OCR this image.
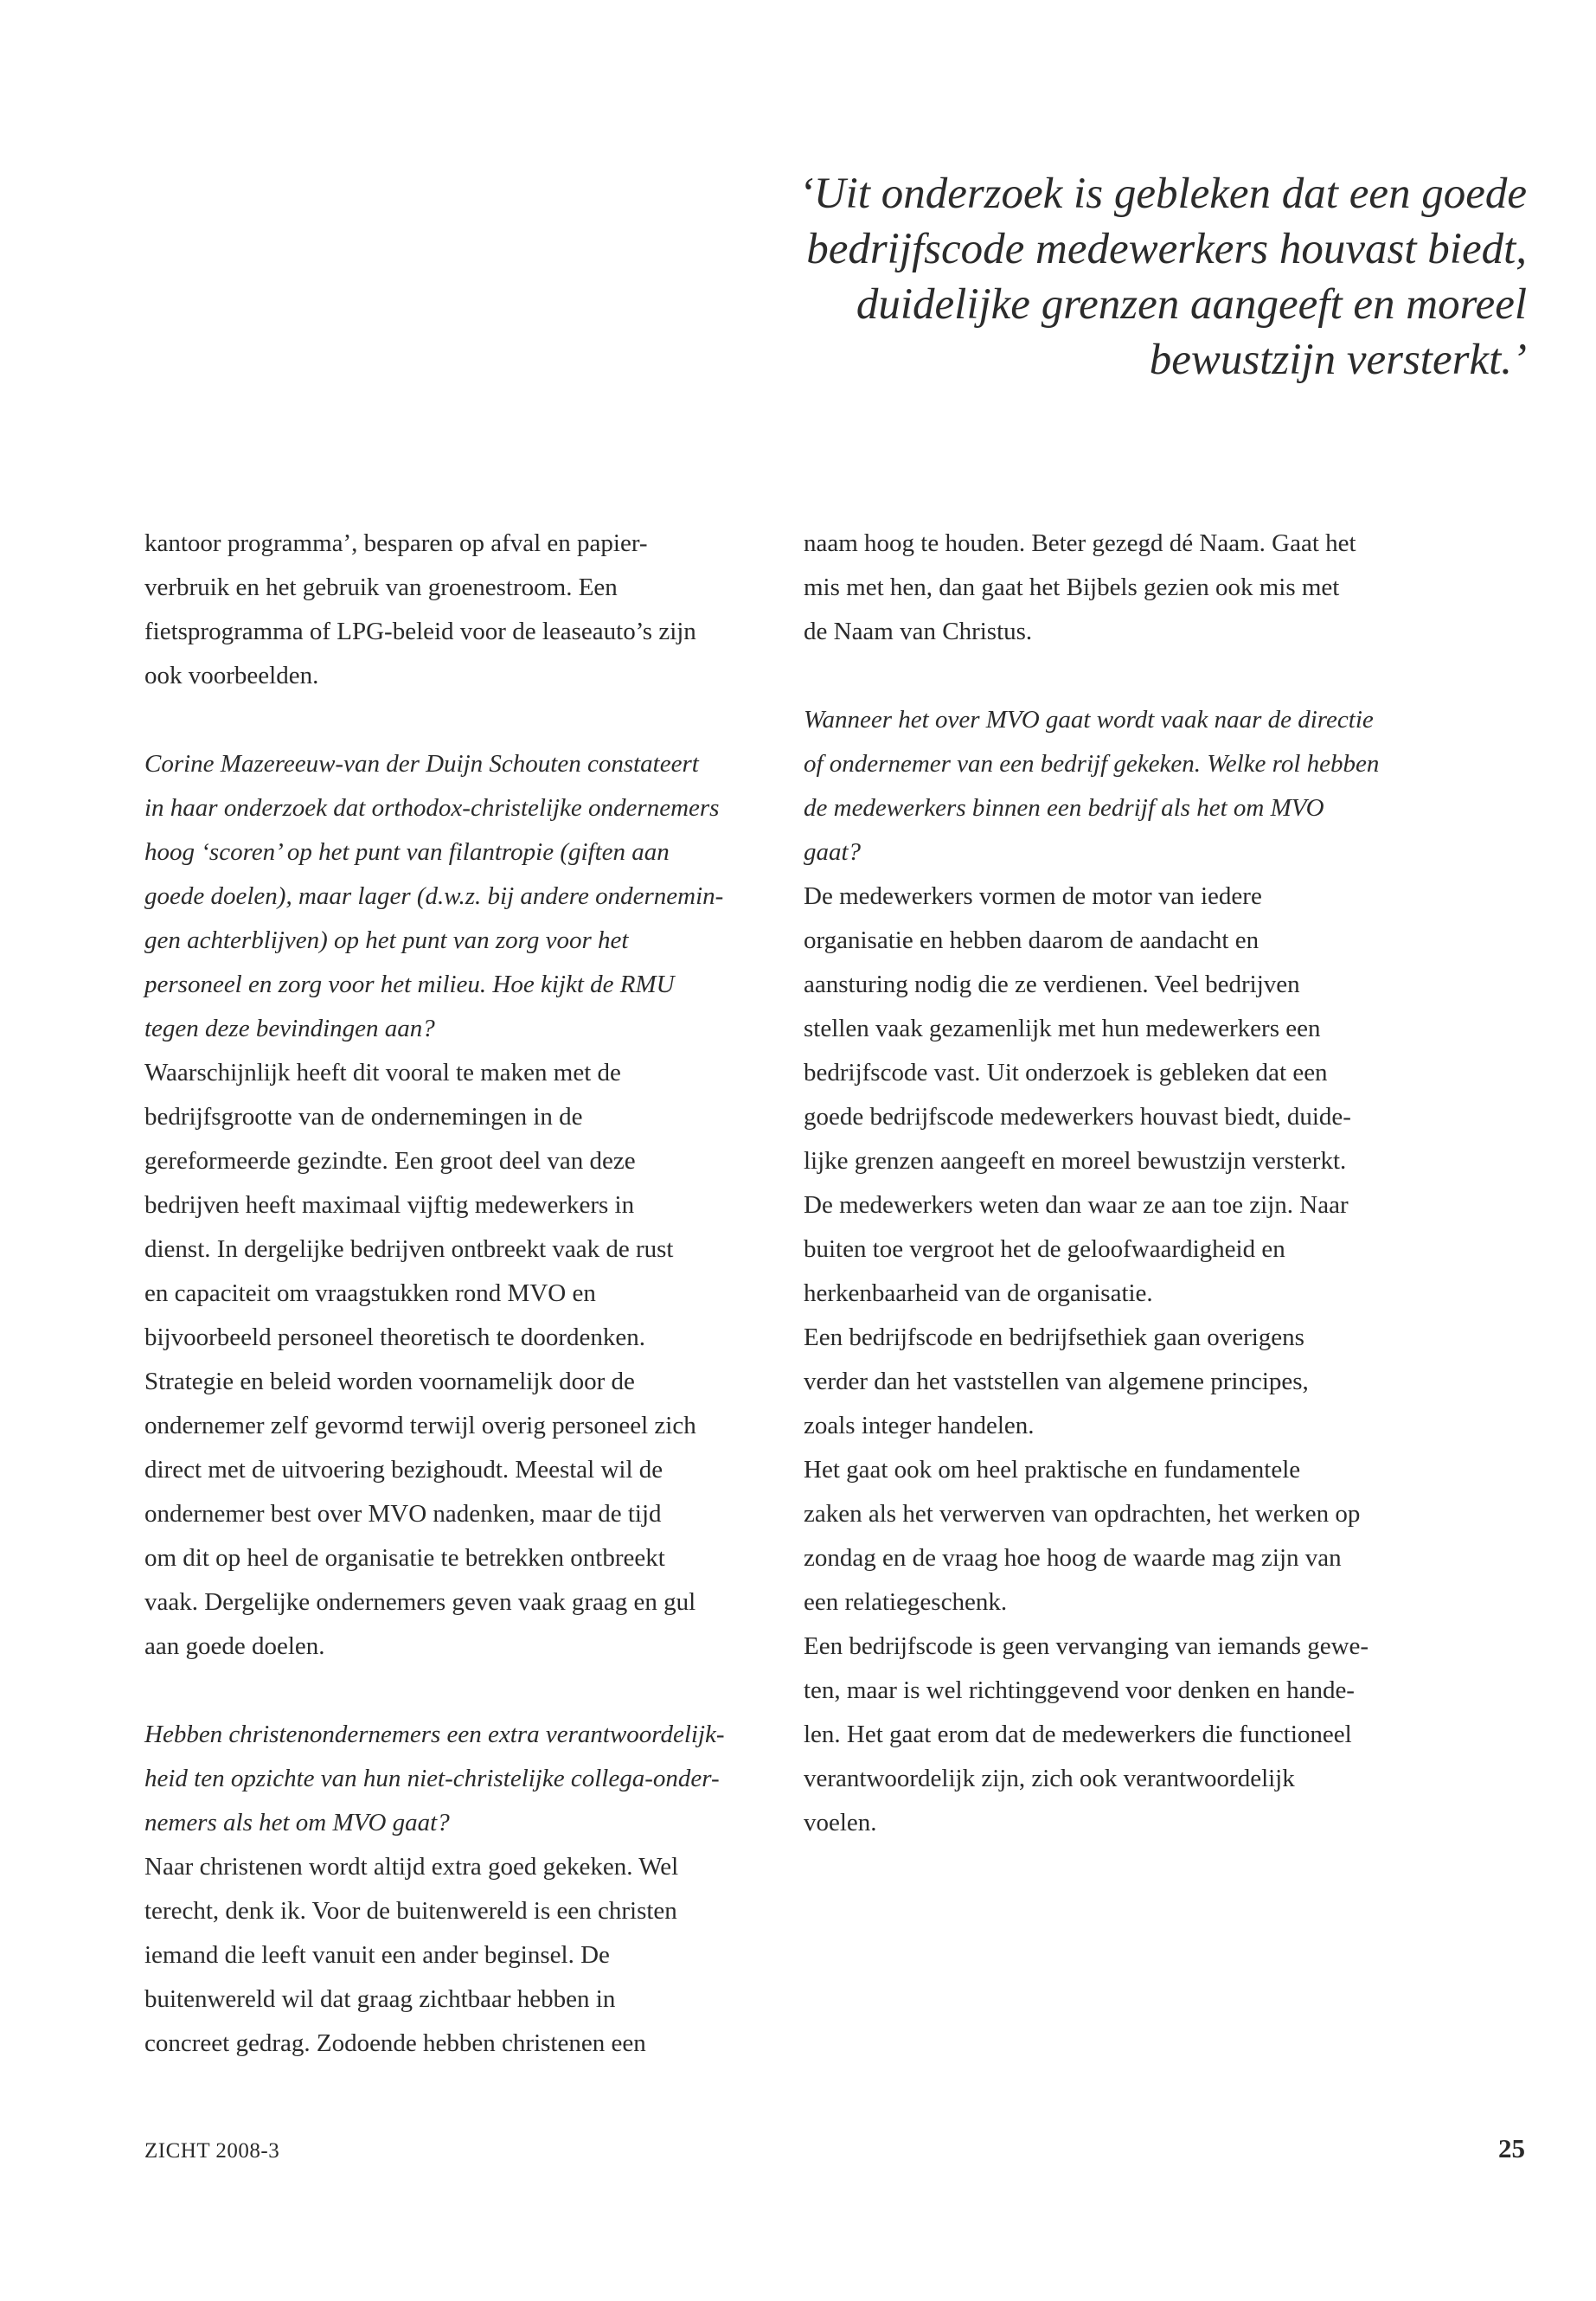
‘Uit onderzoek is gebleken dat een goede
bedrijfscode medewerkers houvast biedt,
duidelijke grenzen aangeeft en moreel
bewustzijn versterkt.’
kantoor programma’, besparen op afval en papier-
verbruik en het gebruik van groenestroom. Een
fietsprogramma of LPG-beleid voor de leaseauto’s zijn
ook voorbeelden.
Corine Mazereeuw-van der Duijn Schouten constateert
in haar onderzoek dat orthodox-christelijke ondernemers
hoog ‘scoren’ op het punt van filantropie (giften aan
goede doelen), maar lager (d.w.z. bij andere ondernemin-
gen achterblijven) op het punt van zorg voor het
personeel en zorg voor het milieu. Hoe kijkt de RMU
tegen deze bevindingen aan?
Waarschijnlijk heeft dit vooral te maken met de
bedrijfsgrootte van de ondernemingen in de
gereformeerde gezindte. Een groot deel van deze
bedrijven heeft maximaal vijftig medewerkers in
dienst. In dergelijke bedrijven ontbreekt vaak de rust
en capaciteit om vraagstukken rond MVO en
bijvoorbeeld personeel theoretisch te doordenken.
Strategie en beleid worden voornamelijk door de
ondernemer zelf gevormd terwijl overig personeel zich
direct met de uitvoering bezighoudt. Meestal wil de
ondernemer best over MVO nadenken, maar de tijd
om dit op heel de organisatie te betrekken ontbreekt
vaak. Dergelijke ondernemers geven vaak graag en gul
aan goede doelen.
Hebben christenondernemers een extra verantwoordelijk-
heid ten opzichte van hun niet-christelijke collega-onder-
nemers als het om MVO gaat?
Naar christenen wordt altijd extra goed gekeken. Wel
terecht, denk ik. Voor de buitenwereld is een christen
iemand die leeft vanuit een ander beginsel. De
buitenwereld wil dat graag zichtbaar hebben in
concreet gedrag. Zodoende hebben christenen een
naam hoog te houden. Beter gezegd dé Naam. Gaat het
mis met hen, dan gaat het Bijbels gezien ook mis met
de Naam van Christus.
Wanneer het over MVO gaat wordt vaak naar de directie
of ondernemer van een bedrijf gekeken. Welke rol hebben
de medewerkers binnen een bedrijf als het om MVO
gaat?
De medewerkers vormen de motor van iedere
organisatie en hebben daarom de aandacht en
aansturing nodig die ze verdienen. Veel bedrijven
stellen vaak gezamenlijk met hun medewerkers een
bedrijfscode vast. Uit onderzoek is gebleken dat een
goede bedrijfscode medewerkers houvast biedt, duide-
lijke grenzen aangeeft en moreel bewustzijn versterkt.
De medewerkers weten dan waar ze aan toe zijn. Naar
buiten toe vergroot het de geloofwaardigheid en
herkenbaarheid van de organisatie.
Een bedrijfscode en bedrijfsethiek gaan overigens
verder dan het vaststellen van algemene principes,
zoals integer handelen.
Het gaat ook om heel praktische en fundamentele
zaken als het verwerven van opdrachten, het werken op
zondag en de vraag hoe hoog de waarde mag zijn van
een relatiegeschenk.
Een bedrijfscode is geen vervanging van iemands gewe-
ten, maar is wel richtinggevend voor denken en hande-
len. Het gaat erom dat de medewerkers die functioneel
verantwoordelijk zijn, zich ook verantwoordelijk
voelen.
ZICHT 2008-3	25
